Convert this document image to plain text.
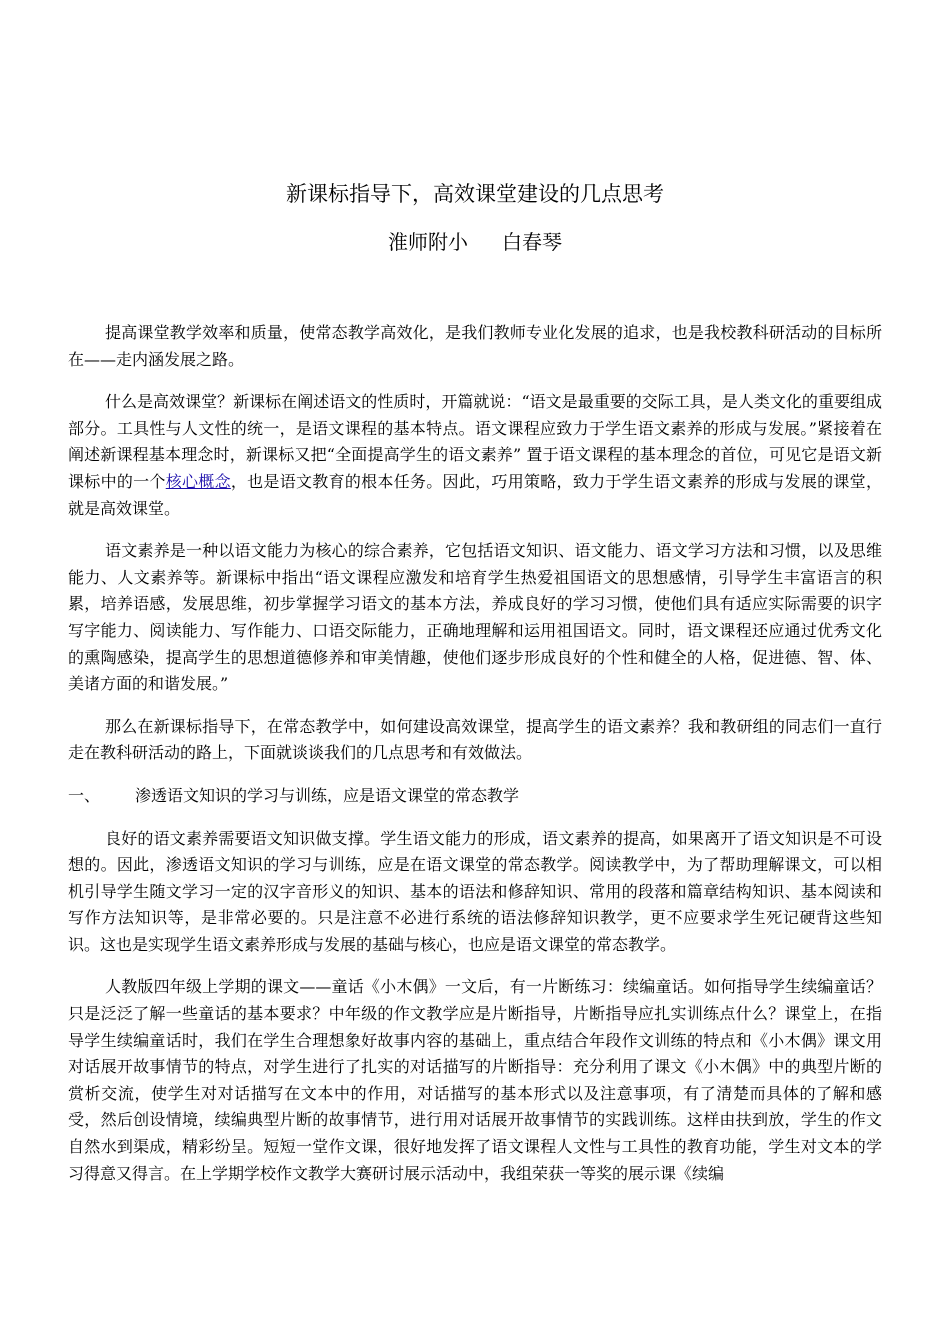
新课标指导下，高效课堂建设的几点思考
淮师附小 白春琴

提高课堂教学效率和质量，使常态教学高效化，是我们教师专业化发展的追求，也是我校教科研活动的目标所在——走内涵发展之路。

什么是高效课堂？新课标在阐述语文的性质时，开篇就说：“语文是最重要的交际工具，是人类文化的重要组成部分。工具性与人文性的统一，是语文课程的基本特点。语文课程应致力于学生语文素养的形成与发展。”紧接着在阐述新课程基本理念时，新课标又把“全面提高学生的语文素养” 置于语文课程的基本理念的首位，可见它是语文新课标中的一个核心概念，也是语文教育的根本任务。因此，巧用策略，致力于学生语文素养的形成与发展的课堂，就是高效课堂。

语文素养是一种以语文能力为核心的综合素养，它包括语文知识、语文能力、语文学习方法和习惯，以及思维能力、人文素养等。新课标中指出“语文课程应激发和培育学生热爱祖国语文的思想感情，引导学生丰富语言的积累，培养语感，发展思维，初步掌握学习语文的基本方法，养成良好的学习习惯，使他们具有适应实际需要的识字写字能力、阅读能力、写作能力、口语交际能力，正确地理解和运用祖国语文。同时，语文课程还应通过优秀文化的熏陶感染，提高学生的思想道德修养和审美情趣，使他们逐步形成良好的个性和健全的人格，促进德、智、体、美诸方面的和谐发展。”

那么在新课标指导下，在常态教学中，如何建设高效课堂，提高学生的语文素养？我和教研组的同志们一直行走在教科研活动的路上，下面就谈谈我们的几点思考和有效做法。

一、 渗透语文知识的学习与训练，应是语文课堂的常态教学

良好的语文素养需要语文知识做支撑。学生语文能力的形成，语文素养的提高，如果离开了语文知识是不可设想的。因此，渗透语文知识的学习与训练，应是在语文课堂的常态教学。阅读教学中，为了帮助理解课文，可以相机引导学生随文学习一定的汉字音形义的知识、基本的语法和修辞知识、常用的段落和篇章结构知识、基本阅读和写作方法知识等，是非常必要的。只是注意不必进行系统的语法修辞知识教学，更不应要求学生死记硬背这些知识。这也是实现学生语文素养形成与发展的基础与核心，也应是语文课堂的常态教学。

人教版四年级上学期的课文——童话《小木偶》一文后，有一片断练习：续编童话。如何指导学生续编童话？只是泛泛了解一些童话的基本要求？中年级的作文教学应是片断指导，片断指导应扎实训练点什么？课堂上，在指导学生续编童话时，我们在学生合理想象好故事内容的基础上，重点结合年段作文训练的特点和《小木偶》课文用对话展开故事情节的特点，对学生进行了扎实的对话描写的片断指导：充分利用了课文《小木偶》中的典型片断的赏析交流，使学生对对话描写在文本中的作用，对话描写的基本形式以及注意事项，有了清楚而具体的了解和感受，然后创设情境，续编典型片断的故事情节，进行用对话展开故事情节的实践训练。这样由扶到放，学生的作文自然水到渠成，精彩纷呈。短短一堂作文课，很好地发挥了语文课程人文性与工具性的教育功能，学生对文本的学习得意又得言。在上学期学校作文教学大赛研讨展示活动中，我组荣获一等奖的展示课《续编
